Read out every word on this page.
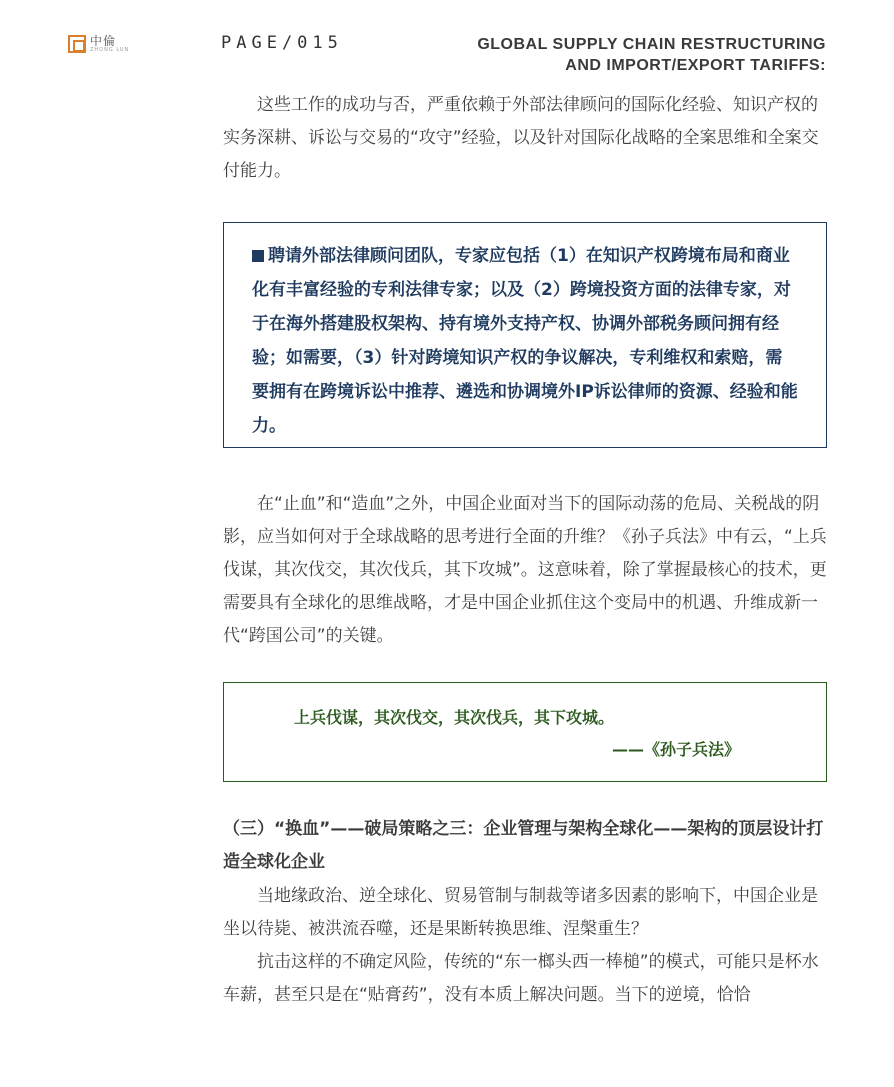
中倫
ZHONG LUN	PAGE/015	GLOBAL SUPPLY CHAIN RESTRUCTURING
AND IMPORT/EXPORT TARIFFS:

这些工作的成功与否，严重依赖于外部法律顾问的国际化经验、知识产权的实务深耕、诉讼与交易的“攻守”经验，以及针对国际化战略的全案思维和全案交付能力。

聘请外部法律顾问团队，专家应包括（1）在知识产权跨境布局和商业化有丰富经验的专利法律专家；以及（2）跨境投资方面的法律专家，对于在海外搭建股权架构、持有境外支持产权、协调外部税务顾问拥有经验；如需要，（3）针对跨境知识产权的争议解决，专利维权和索赔，需要拥有在跨境诉讼中推荐、遴选和协调境外IP诉讼律师的资源、经验和能力。

在“止血”和“造血”之外，中国企业面对当下的国际动荡的危局、关税战的阴影，应当如何对于全球战略的思考进行全面的升维？《孙子兵法》中有云，“上兵伐谋，其次伐交，其次伐兵，其下攻城”。这意味着，除了掌握最核心的技术，更需要具有全球化的思维战略，才是中国企业抓住这个变局中的机遇、升维成新一代“跨国公司”的关键。

上兵伐谋，其次伐交，其次伐兵，其下攻城。
——《孙子兵法》

（三）“换血”——破局策略之三：企业管理与架构全球化——架构的顶层设计打造全球化企业

当地缘政治、逆全球化、贸易管制与制裁等诸多因素的影响下，中国企业是坐以待毙、被洪流吞噬，还是果断转换思维、涅槃重生？

抗击这样的不确定风险，传统的“东一榔头西一棒槌”的模式，可能只是杯水车薪，甚至只是在“贴膏药”，没有本质上解决问题。当下的逆境，恰恰
